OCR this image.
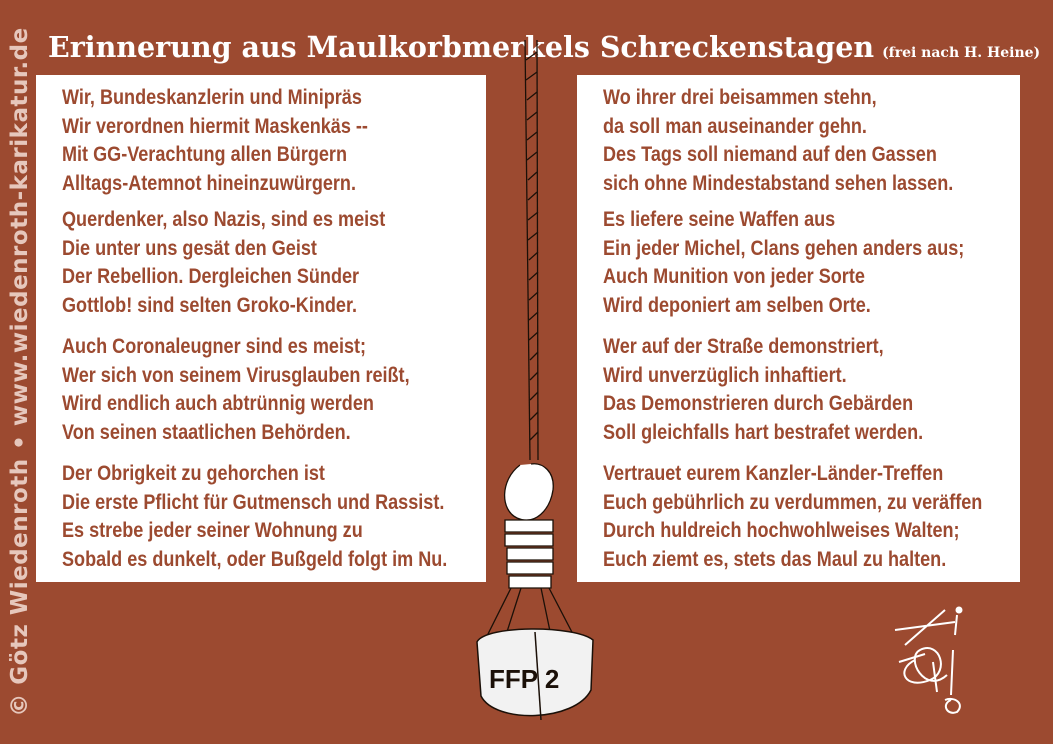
© Götz Wiedenroth • www.wiedenroth-karikatur.de Erinnerung aus Maulkorbmerkels Schreckenstagen (frei nach H. Heine)
Wir, Bundeskanzlerin und Minipräs
Wir verordnen hiermit Maskenkäs --
Mit GG-Verachtung allen Bürgern
Alltags-Atemnot hineinzuwürgern.
Querdenker, also Nazis, sind es meist
Die unter uns gesät den Geist
Der Rebellion. Dergleichen Sünder
Gottlob! sind selten Groko-Kinder.
Auch Coronaleugner sind es meist;
Wer sich von seinem Virusglauben reißt,
Wird endlich auch abtrünnig werden
Von seinen staatlichen Behörden.
Der Obrigkeit zu gehorchen ist
Die erste Pflicht für Gutmensch und Rassist.
Es strebe jeder seiner Wohnung zu
Sobald es dunkelt, oder Bußgeld folgt im Nu.
Wo ihrer drei beisammen stehn,
da soll man auseinander gehn.
Des Tags soll niemand auf den Gassen
sich ohne Mindestabstand sehen lassen.
Es liefere seine Waffen aus
Ein jeder Michel, Clans gehen anders aus;
Auch Munition von jeder Sorte
Wird deponiert am selben Orte.
Wer auf der Straße demonstriert,
Wird unverzüglich inhaftiert.
Das Demonstrieren durch Gebärden
Soll gleichfalls hart bestrafet werden.
Vertrauet eurem Kanzler-Länder-Treffen
Euch gebührlich zu verdummen, zu veräffen
Durch huldreich hochwohlweises Walten;
Euch ziemt es, stets das Maul zu halten.
FFP 2
